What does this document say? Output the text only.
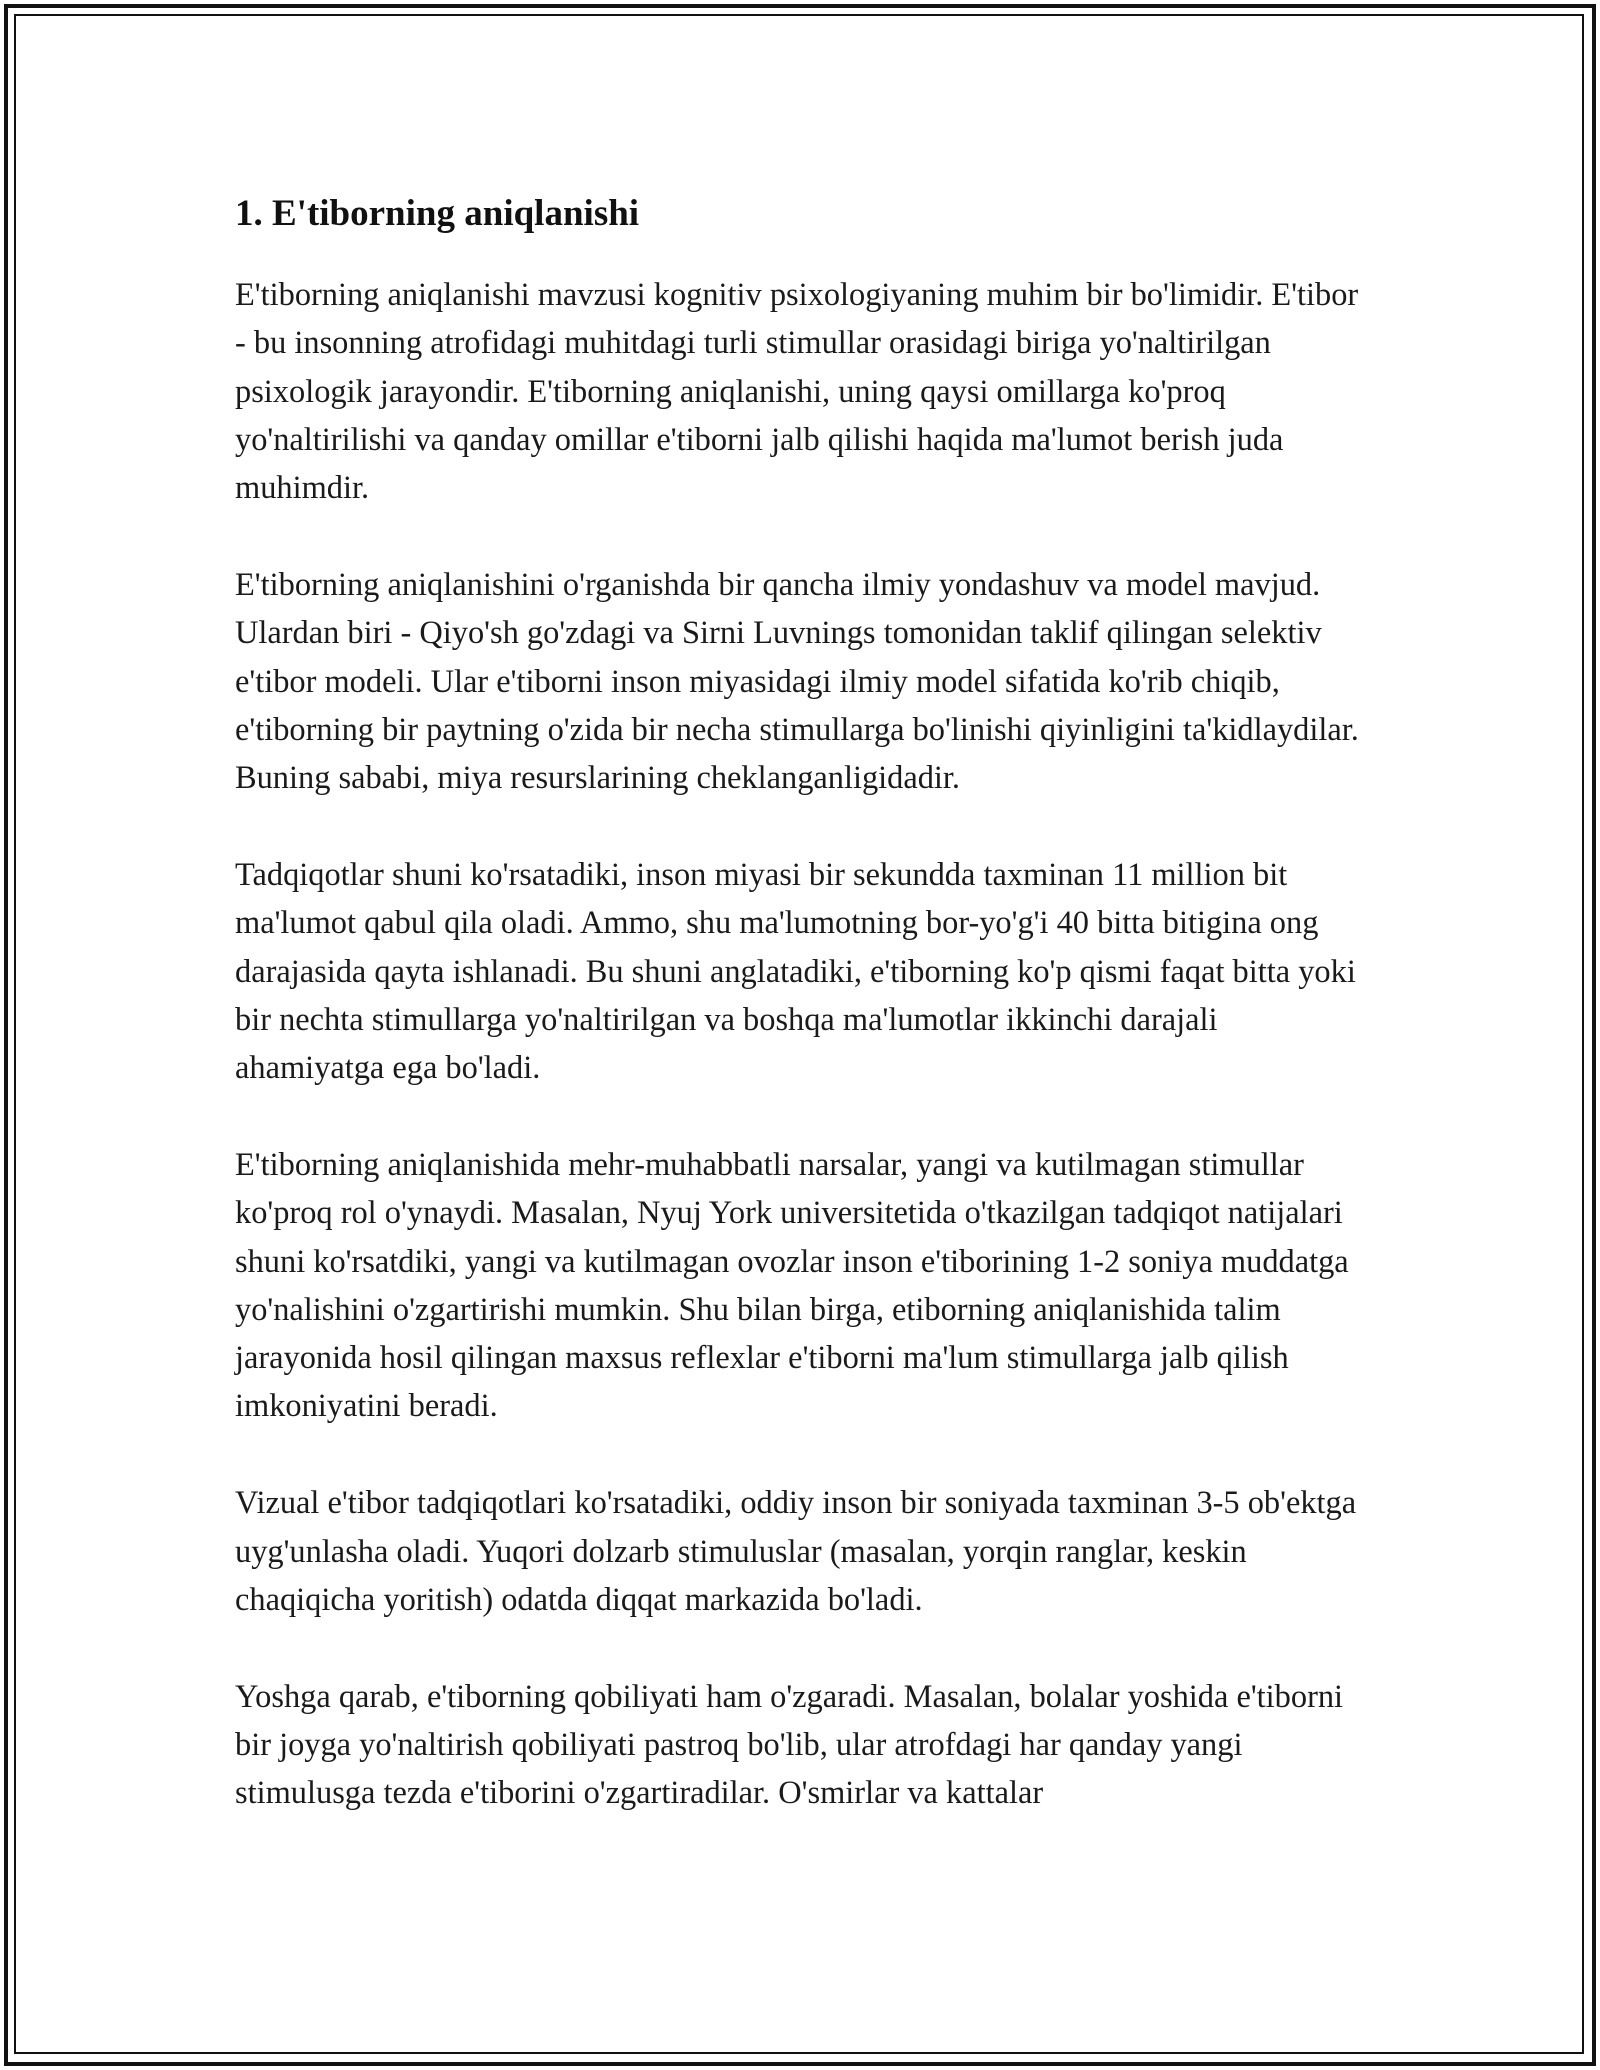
1. E'tiborning aniqlanishi

E'tiborning aniqlanishi mavzusi kognitiv psixologiyaning muhim bir bo'limidir. E'tibor - bu insonning atrofidagi muhitdagi turli stimullar orasidagi biriga yo'naltirilgan psixologik jarayondir. E'tiborning aniqlanishi, uning qaysi omillarga ko'proq yo'naltirilishi va qanday omillar e'tiborni jalb qilishi haqida ma'lumot berish juda muhimdir.

E'tiborning aniqlanishini o'rganishda bir qancha ilmiy yondashuv va model mavjud. Ulardan biri - Qiyo'sh go'zdagi va Sirni Luvnings tomonidan taklif qilingan selektiv e'tibor modeli. Ular e'tiborni inson miyasidagi ilmiy model sifatida ko'rib chiqib, e'tiborning bir paytning o'zida bir necha stimullarga bo'linishi qiyinligini ta'kidlaydilar. Buning sababi, miya resurslarining cheklanganligidadir.

Tadqiqotlar shuni ko'rsatadiki, inson miyasi bir sekundda taxminan 11 million bit ma'lumot qabul qila oladi. Ammo, shu ma'lumotning bor-yo'g'i 40 bitta bitigina ong darajasida qayta ishlanadi. Bu shuni anglatadiki, e'tiborning ko'p qismi faqat bitta yoki bir nechta stimullarga yo'naltirilgan va boshqa ma'lumotlar ikkinchi darajali ahamiyatga ega bo'ladi.

E'tiborning aniqlanishida mehr-muhabbatli narsalar, yangi va kutilmagan stimullar ko'proq rol o'ynaydi. Masalan, Nyuj York universitetida o'tkazilgan tadqiqot natijalari shuni ko'rsatdiki, yangi va kutilmagan ovozlar inson e'tiborining 1-2 soniya muddatga yo'nalishini o'zgartirishi mumkin. Shu bilan birga, etiborning aniqlanishida talim jarayonida hosil qilingan maxsus reflexlar e'tiborni ma'lum stimullarga jalb qilish imkoniyatini beradi.

Vizual e'tibor tadqiqotlari ko'rsatadiki, oddiy inson bir soniyada taxminan 3-5 ob'ektga uyg'unlasha oladi. Yuqori dolzarb stimuluslar (masalan, yorqin ranglar, keskin chaqiqicha yoritish) odatda diqqat markazida bo'ladi.

Yoshga qarab, e'tiborning qobiliyati ham o'zgaradi. Masalan, bolalar yoshida e'tiborni bir joyga yo'naltirish qobiliyati pastroq bo'lib, ular atrofdagi har qanday yangi stimulusga tezda e'tiborini o'zgartiradilar. O'smirlar va kattalar
